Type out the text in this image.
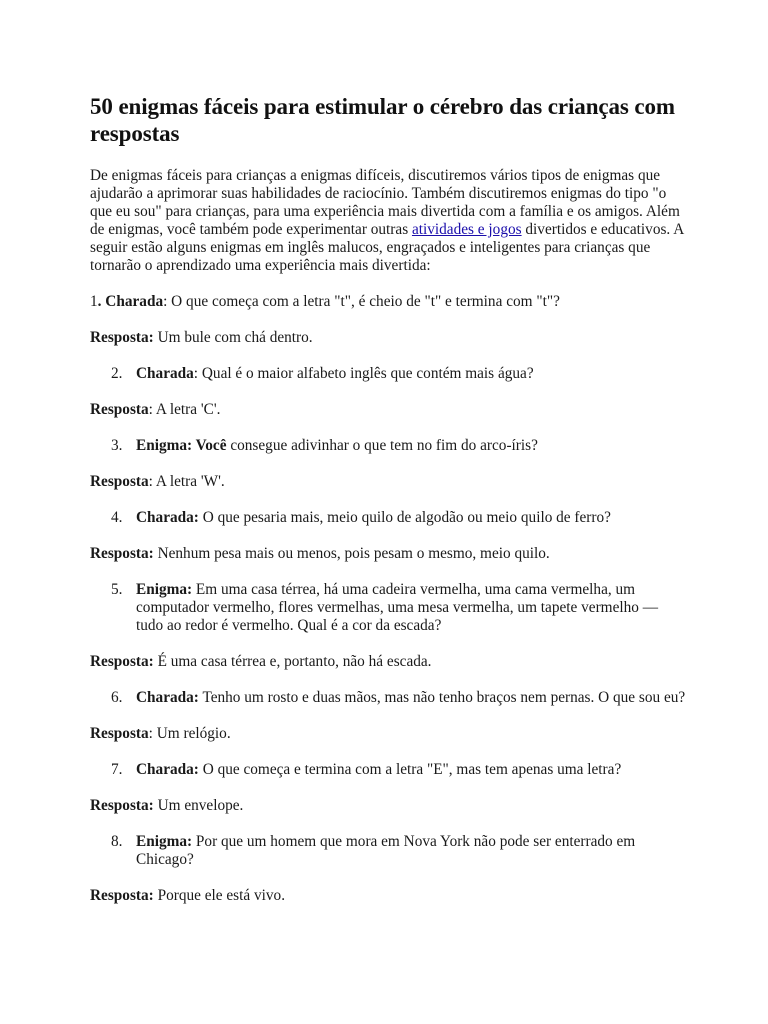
50 enigmas fáceis para estimular o cérebro das crianças com respostas

De enigmas fáceis para crianças a enigmas difíceis, discutiremos vários tipos de enigmas que ajudarão a aprimorar suas habilidades de raciocínio. Também discutiremos enigmas do tipo "o que eu sou" para crianças, para uma experiência mais divertida com a família e os amigos. Além de enigmas, você também pode experimentar outras atividades e jogos divertidos e educativos. A seguir estão alguns enigmas em inglês malucos, engraçados e inteligentes para crianças que tornarão o aprendizado uma experiência mais divertida:

1. Charada: O que começa com a letra "t", é cheio de "t" e termina com "t"?

Resposta: Um bule com chá dentro.

2. Charada: Qual é o maior alfabeto inglês que contém mais água?

Resposta: A letra 'C'.

3. Enigma: Você consegue adivinhar o que tem no fim do arco-íris?

Resposta: A letra 'W'.

4. Charada: O que pesaria mais, meio quilo de algodão ou meio quilo de ferro?

Resposta: Nenhum pesa mais ou menos, pois pesam o mesmo, meio quilo.

5. Enigma: Em uma casa térrea, há uma cadeira vermelha, uma cama vermelha, um computador vermelho, flores vermelhas, uma mesa vermelha, um tapete vermelho — tudo ao redor é vermelho. Qual é a cor da escada?

Resposta: É uma casa térrea e, portanto, não há escada.

6. Charada: Tenho um rosto e duas mãos, mas não tenho braços nem pernas. O que sou eu?

Resposta: Um relógio.

7. Charada: O que começa e termina com a letra "E", mas tem apenas uma letra?

Resposta: Um envelope.

8. Enigma: Por que um homem que mora em Nova York não pode ser enterrado em Chicago?

Resposta: Porque ele está vivo.
